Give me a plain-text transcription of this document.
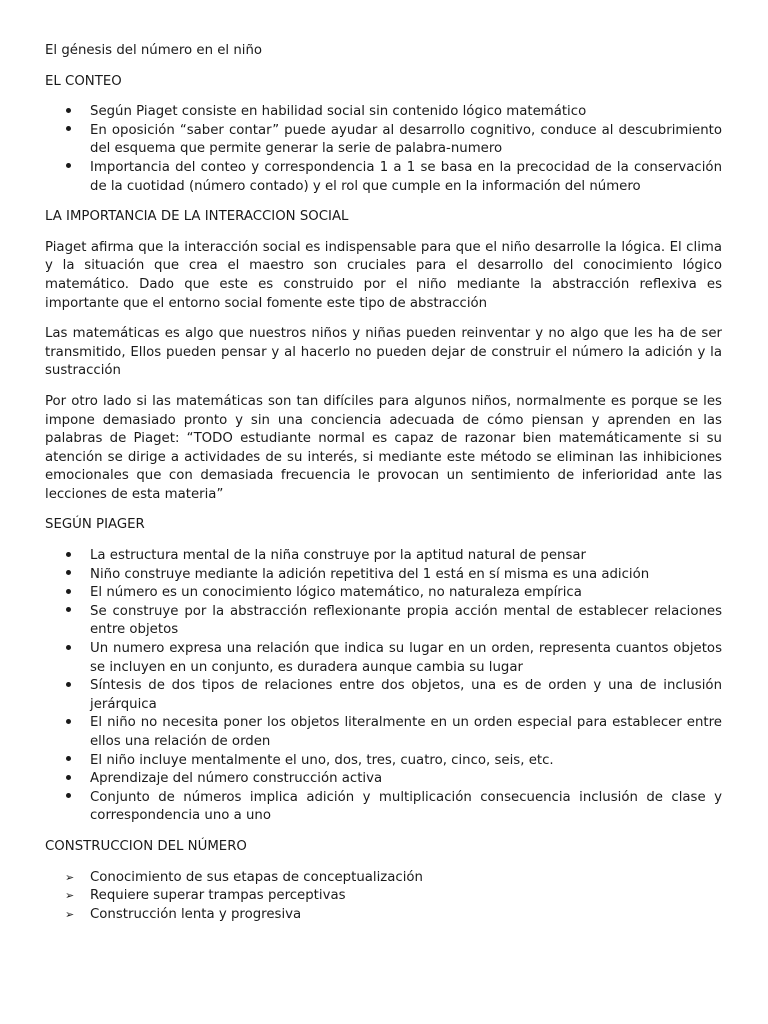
El génesis del número en el niño
EL CONTEO
Según Piaget consiste en habilidad social sin contenido lógico matemático
En oposición “saber contar” puede ayudar al desarrollo cognitivo, conduce al descubrimiento del esquema que permite generar la serie de palabra-numero
Importancia del conteo y correspondencia 1 a 1 se basa en la precocidad de la conservación de la cuotidad (número contado) y el rol que cumple en la información del número
LA IMPORTANCIA DE LA INTERACCION SOCIAL

Piaget afirma que la interacción social es indispensable para que el niño desarrolle la lógica. El clima y la situación que crea el maestro son cruciales para el desarrollo del conocimiento lógico matemático. Dado que este es construido por el niño mediante la abstracción reflexiva es importante que el entorno social fomente este tipo de abstracción

Las matemáticas es algo que nuestros niños y niñas pueden reinventar y no algo que les ha de ser transmitido, Ellos pueden pensar y al hacerlo no pueden dejar de construir el número la adición y la sustracción

Por otro lado si las matemáticas son tan difíciles para algunos niños, normalmente es porque se les impone demasiado pronto y sin una conciencia adecuada de cómo piensan y aprenden en las palabras de Piaget: “TODO estudiante normal es capaz de razonar bien matemáticamente si su atención se dirige a actividades de su interés, si mediante este método se eliminan las inhibiciones emocionales que con demasiada frecuencia le provocan un sentimiento de inferioridad ante las lecciones de esta materia”

SEGÚN PIAGER
La estructura mental de la niña construye por la aptitud natural de pensar
Niño construye mediante la adición repetitiva del 1 está en sí misma es una adición
El número es un conocimiento lógico matemático, no naturaleza empírica
Se construye por la abstracción reflexionante propia acción mental de establecer relaciones entre objetos
Un numero expresa una relación que indica su lugar en un orden, representa cuantos objetos se incluyen en un conjunto, es duradera aunque cambia su lugar
Síntesis de dos tipos de relaciones entre dos objetos, una es de orden y una de inclusión jerárquica
El niño no necesita poner los objetos literalmente en un orden especial para establecer entre ellos una relación de orden
El niño incluye mentalmente el uno, dos, tres, cuatro, cinco, seis, etc.
Aprendizaje del número construcción activa
Conjunto de números implica adición y multiplicación consecuencia inclusión de clase y correspondencia uno a uno
CONSTRUCCION DEL NÚMERO
➢	Conocimiento de sus etapas de conceptualización
➢	Requiere superar trampas perceptivas
➢	Construcción lenta y progresiva
